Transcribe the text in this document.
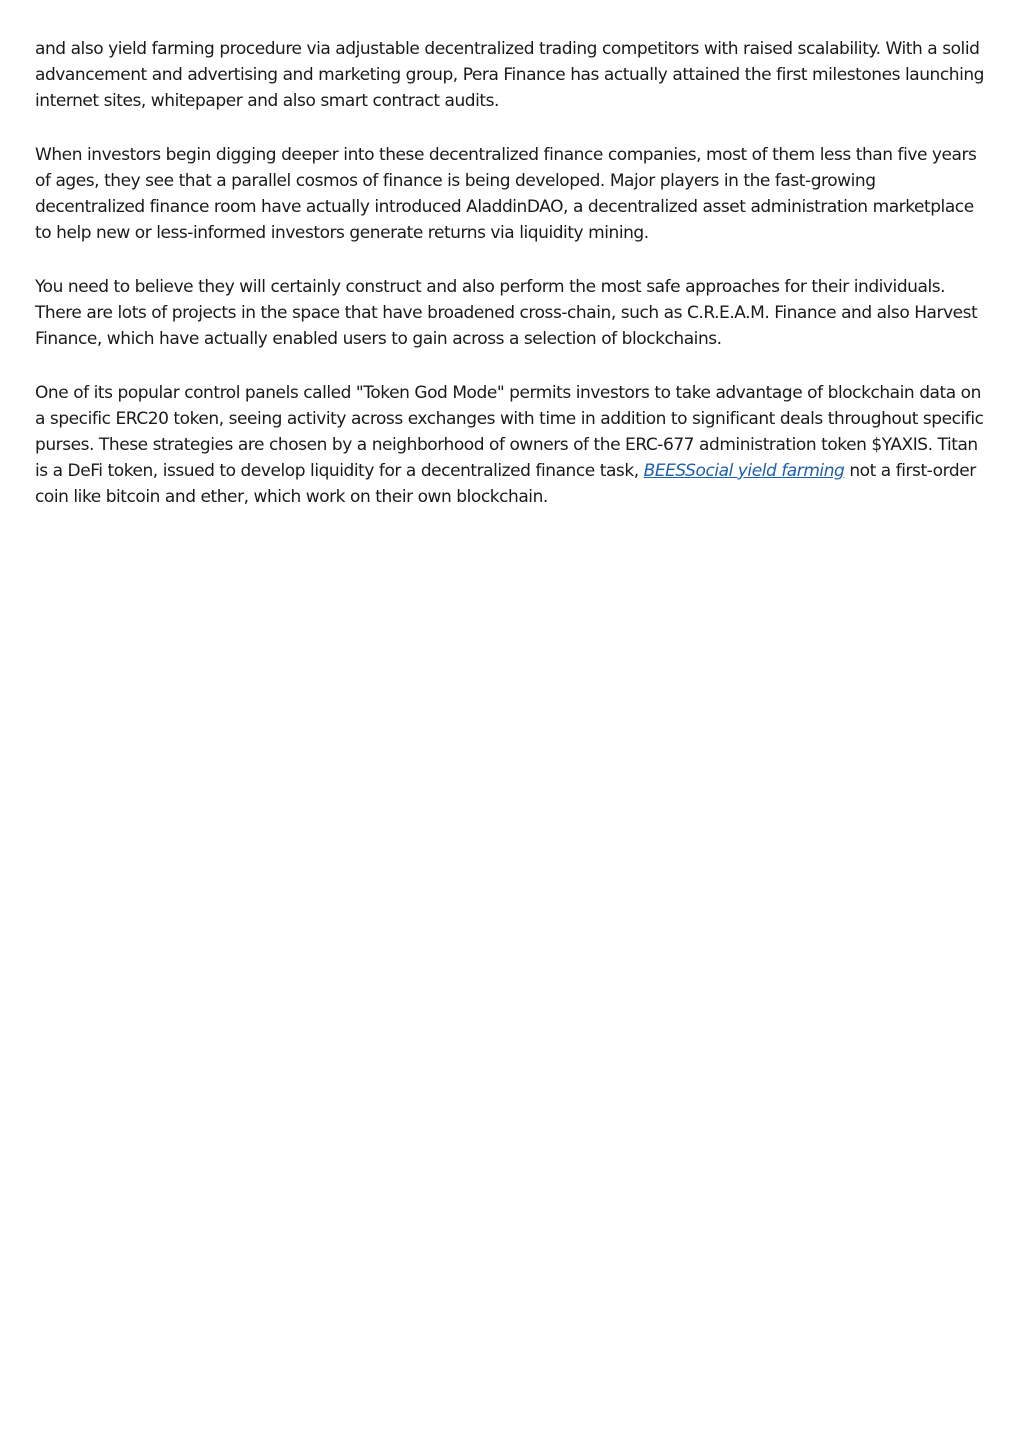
and also yield farming procedure via adjustable decentralized trading competitors with raised scalability. With a solid advancement and advertising and marketing group, Pera Finance has actually attained the first milestones launching internet sites, whitepaper and also smart contract audits.

When investors begin digging deeper into these decentralized finance companies, most of them less than five years of ages, they see that a parallel cosmos of finance is being developed. Major players in the fast-growing decentralized finance room have actually introduced AladdinDAO, a decentralized asset administration marketplace to help new or less-informed investors generate returns via liquidity mining.

You need to believe they will certainly construct and also perform the most safe approaches for their individuals. There are lots of projects in the space that have broadened cross-chain, such as C.R.E.A.M. Finance and also Harvest Finance, which have actually enabled users to gain across a selection of blockchains.

One of its popular control panels called "Token God Mode" permits investors to take advantage of blockchain data on a specific ERC20 token, seeing activity across exchanges with time in addition to significant deals throughout specific purses. These strategies are chosen by a neighborhood of owners of the ERC-677 administration token $YAXIS. Titan is a DeFi token, issued to develop liquidity for a decentralized finance task, BEESSocial yield farming not a first-order coin like bitcoin and ether, which work on their own blockchain.
